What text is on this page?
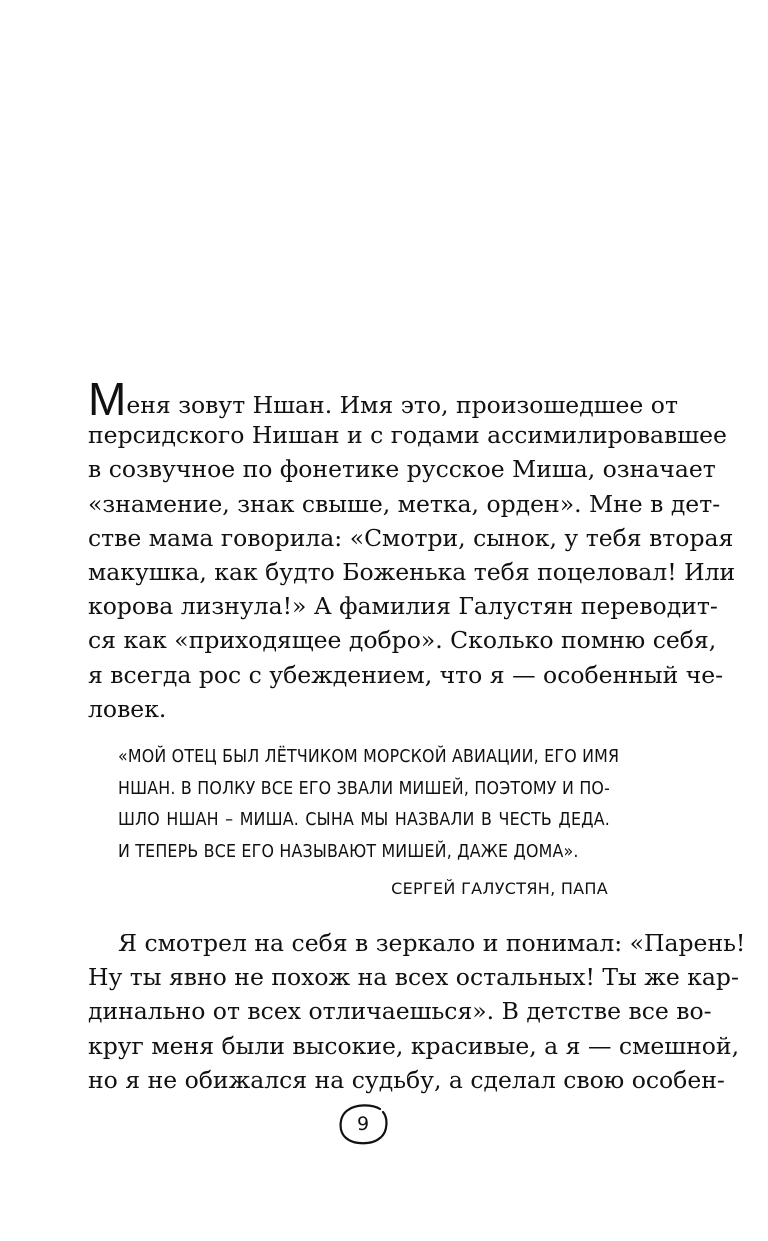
Меня зовут Ншан. Имя это, произошедшее от
персидского Нишан и с годами ассимилировавшее
в созвучное по фонетике русское Миша, означает
«знамение, знак свыше, метка, орден». Мне в дет-
стве мама говорила: «Смотри, сынок, у тебя вторая
макушка, как будто Боженька тебя поцеловал! Или
корова лизнула!» А фамилия Галустян переводит-
ся как «приходящее добро». Сколько помню себя,
я всегда рос с убеждением, что я — особенный че-
ловек.
«МОЙ ОТЕЦ БЫЛ ЛЁТЧИКОМ МОРСКОЙ АВИАЦИИ, ЕГО ИМЯ
НШАН. В ПОЛКУ ВСЕ ЕГО ЗВАЛИ МИШЕЙ, ПОЭТОМУ И ПО-
ШЛО НШАН – МИША. СЫНА МЫ НАЗВАЛИ В ЧЕСТЬ ДЕДА.
И ТЕПЕРЬ ВСЕ ЕГО НАЗЫВАЮТ МИШЕЙ, ДАЖЕ ДОМА».
СЕРГЕЙ ГАЛУСТЯН, ПАПА
Я смотрел на себя в зеркало и понимал: «Парень!
Ну ты явно не похож на всех остальных! Ты же кар-
динально от всех отличаешься». В детстве все во-
круг меня были высокие, красивые, а я — смешной,
но я не обижался на судьбу, а сделал свою особен-
9
